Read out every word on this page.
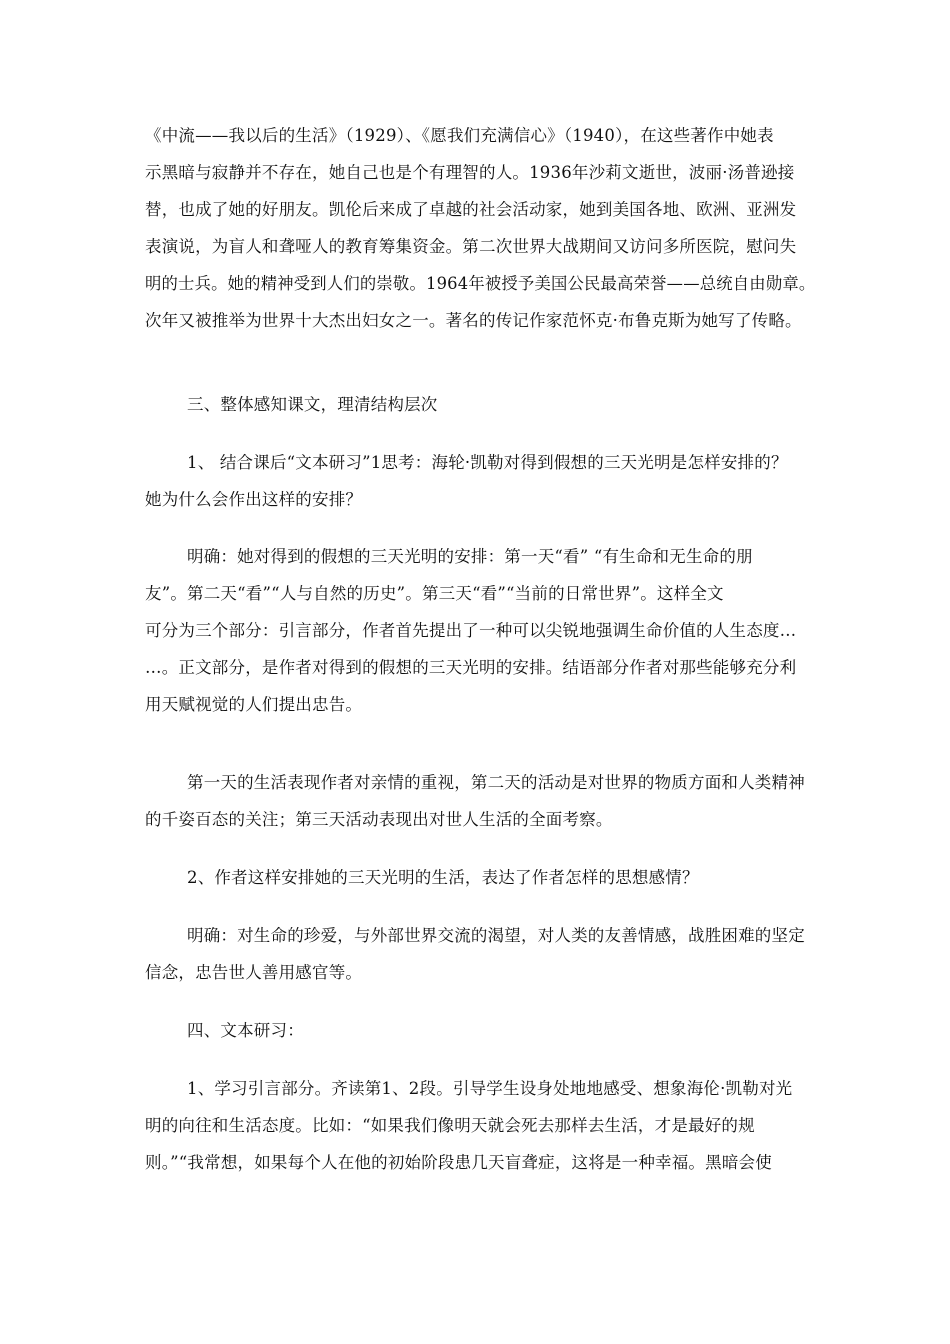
《中流——我以后的生活》（1929）、《愿我们充满信心》（1940），在这些著作中她表
示黑暗与寂静并不存在，她自己也是个有理智的人。1936年沙莉文逝世，波丽·汤普逊接
替，也成了她的好朋友。凯伦后来成了卓越的社会活动家，她到美国各地、欧洲、亚洲发
表演说，为盲人和聋哑人的教育筹集资金。第二次世界大战期间又访问多所医院，慰问失
明的士兵。她的精神受到人们的崇敬。1964年被授予美国公民最高荣誉——总统自由勋章。
次年又被推举为世界十大杰出妇女之一。著名的传记作家范怀克·布鲁克斯为她写了传略。
三、整体感知课文，理清结构层次
1、 结合课后“文本研习”1思考：海轮·凯勒对得到假想的三天光明是怎样安排的？
她为什么会作出这样的安排？
明确：她对得到的假想的三天光明的安排：第一天“看” “有生命和无生命的朋
友”。第二天“看”“人与自然的历史”。第三天“看”“当前的日常世界”。这样全文
可分为三个部分：引言部分，作者首先提出了一种可以尖锐地强调生命价值的人生态度…
…。正文部分，是作者对得到的假想的三天光明的安排。结语部分作者对那些能够充分利
用天赋视觉的人们提出忠告。
第一天的生活表现作者对亲情的重视，第二天的活动是对世界的物质方面和人类精神
的千姿百态的关注；第三天活动表现出对世人生活的全面考察。
2、作者这样安排她的三天光明的生活，表达了作者怎样的思想感情？
明确：对生命的珍爱，与外部世界交流的渴望，对人类的友善情感，战胜困难的坚定
信念，忠告世人善用感官等。
四、文本研习：
1、学习引言部分。齐读第1、2段。引导学生设身处地地感受、想象海伦·凯勒对光
明的向往和生活态度。比如：“如果我们像明天就会死去那样去生活，才是最好的规
则。”“我常想，如果每个人在他的初始阶段患几天盲聋症，这将是一种幸福。黑暗会使
